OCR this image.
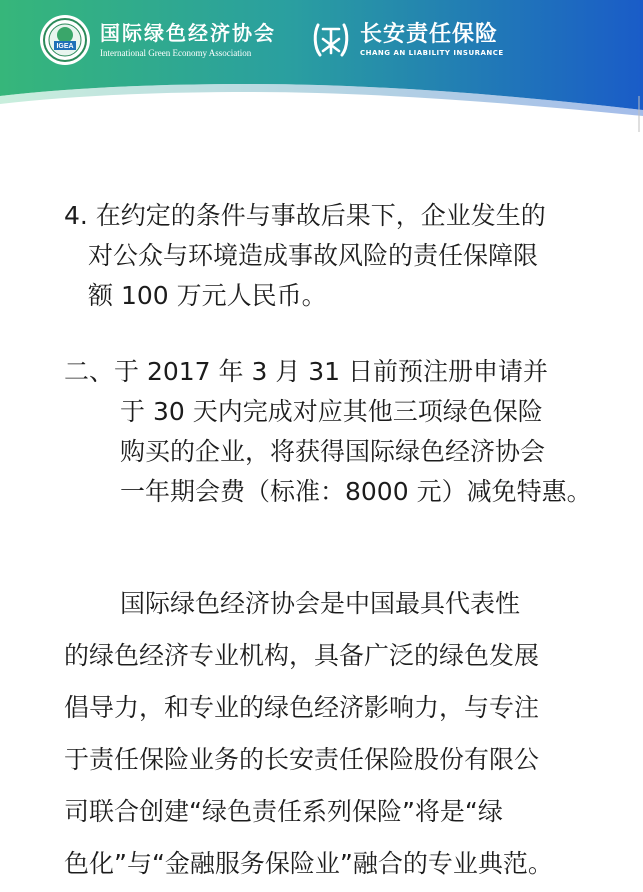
IGEA
国际绿色经济协会
International Green Economy Association
长安责任保险
CHANG AN LIABILITY INSURANCE
4. 在约定的条件与事故后果下，企业发生的
对公众与环境造成事故风险的责任保障限
额 100 万元人民币。
二、于 2017 年 3 月 31 日前预注册申请并
于 30 天内完成对应其他三项绿色保险
购买的企业，将获得国际绿色经济协会
一年期会费（标准：8000 元）减免特惠。
国际绿色经济协会是中国最具代表性
的绿色经济专业机构，具备广泛的绿色发展
倡导力，和专业的绿色经济影响力，与专注
于责任保险业务的长安责任保险股份有限公
司联合创建“绿色责任系列保险”将是“绿
色化”与“金融服务保险业”融合的专业典范。
